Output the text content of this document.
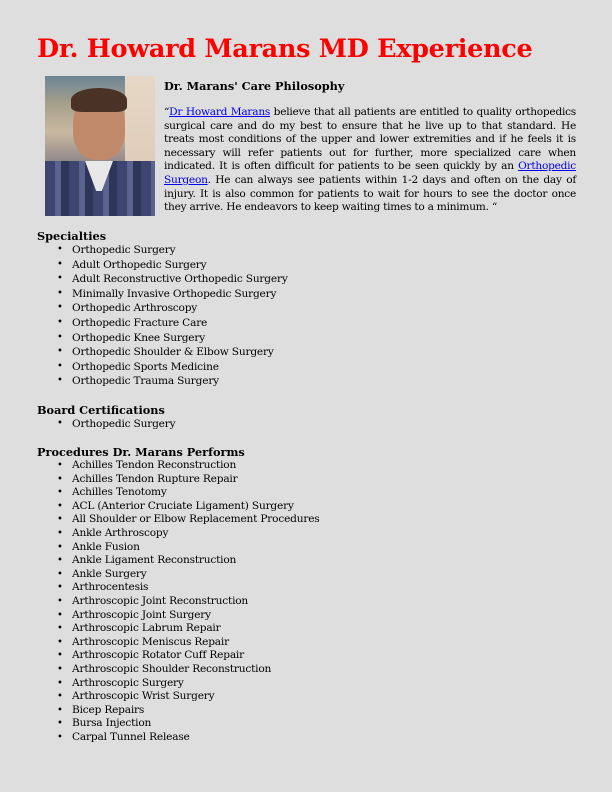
Dr. Howard Marans MD Experience
Dr. Marans' Care Philosophy

“Dr Howard Marans believe that all patients are entitled to quality orthopedics surgical care and do my best to ensure that he live up to that standard. He treats most conditions of the upper and lower extremities and if he feels it is necessary will refer patients out for further, more specialized care when indicated. It is often difficult for patients to be seen quickly by an Orthopedic Surgeon. He can always see patients within 1-2 days and often on the day of injury. It is also common for patients to wait for hours to see the doctor once they arrive. He endeavors to keep waiting times to a minimum. “

Specialties
• Orthopedic Surgery
• Adult Orthopedic Surgery
• Adult Reconstructive Orthopedic Surgery
• Minimally Invasive Orthopedic Surgery
• Orthopedic Arthroscopy
• Orthopedic Fracture Care
• Orthopedic Knee Surgery
• Orthopedic Shoulder & Elbow Surgery
• Orthopedic Sports Medicine
• Orthopedic Trauma Surgery
Board Certifications
• Orthopedic Surgery
Procedures Dr. Marans Performs
• Achilles Tendon Reconstruction
• Achilles Tendon Rupture Repair
• Achilles Tenotomy
• ACL (Anterior Cruciate Ligament) Surgery
• All Shoulder or Elbow Replacement Procedures
• Ankle Arthroscopy
• Ankle Fusion
• Ankle Ligament Reconstruction
• Ankle Surgery
• Arthrocentesis
• Arthroscopic Joint Reconstruction
• Arthroscopic Joint Surgery
• Arthroscopic Labrum Repair
• Arthroscopic Meniscus Repair
• Arthroscopic Rotator Cuff Repair
• Arthroscopic Shoulder Reconstruction
• Arthroscopic Surgery
• Arthroscopic Wrist Surgery
• Bicep Repairs
• Bursa Injection
• Carpal Tunnel Release
